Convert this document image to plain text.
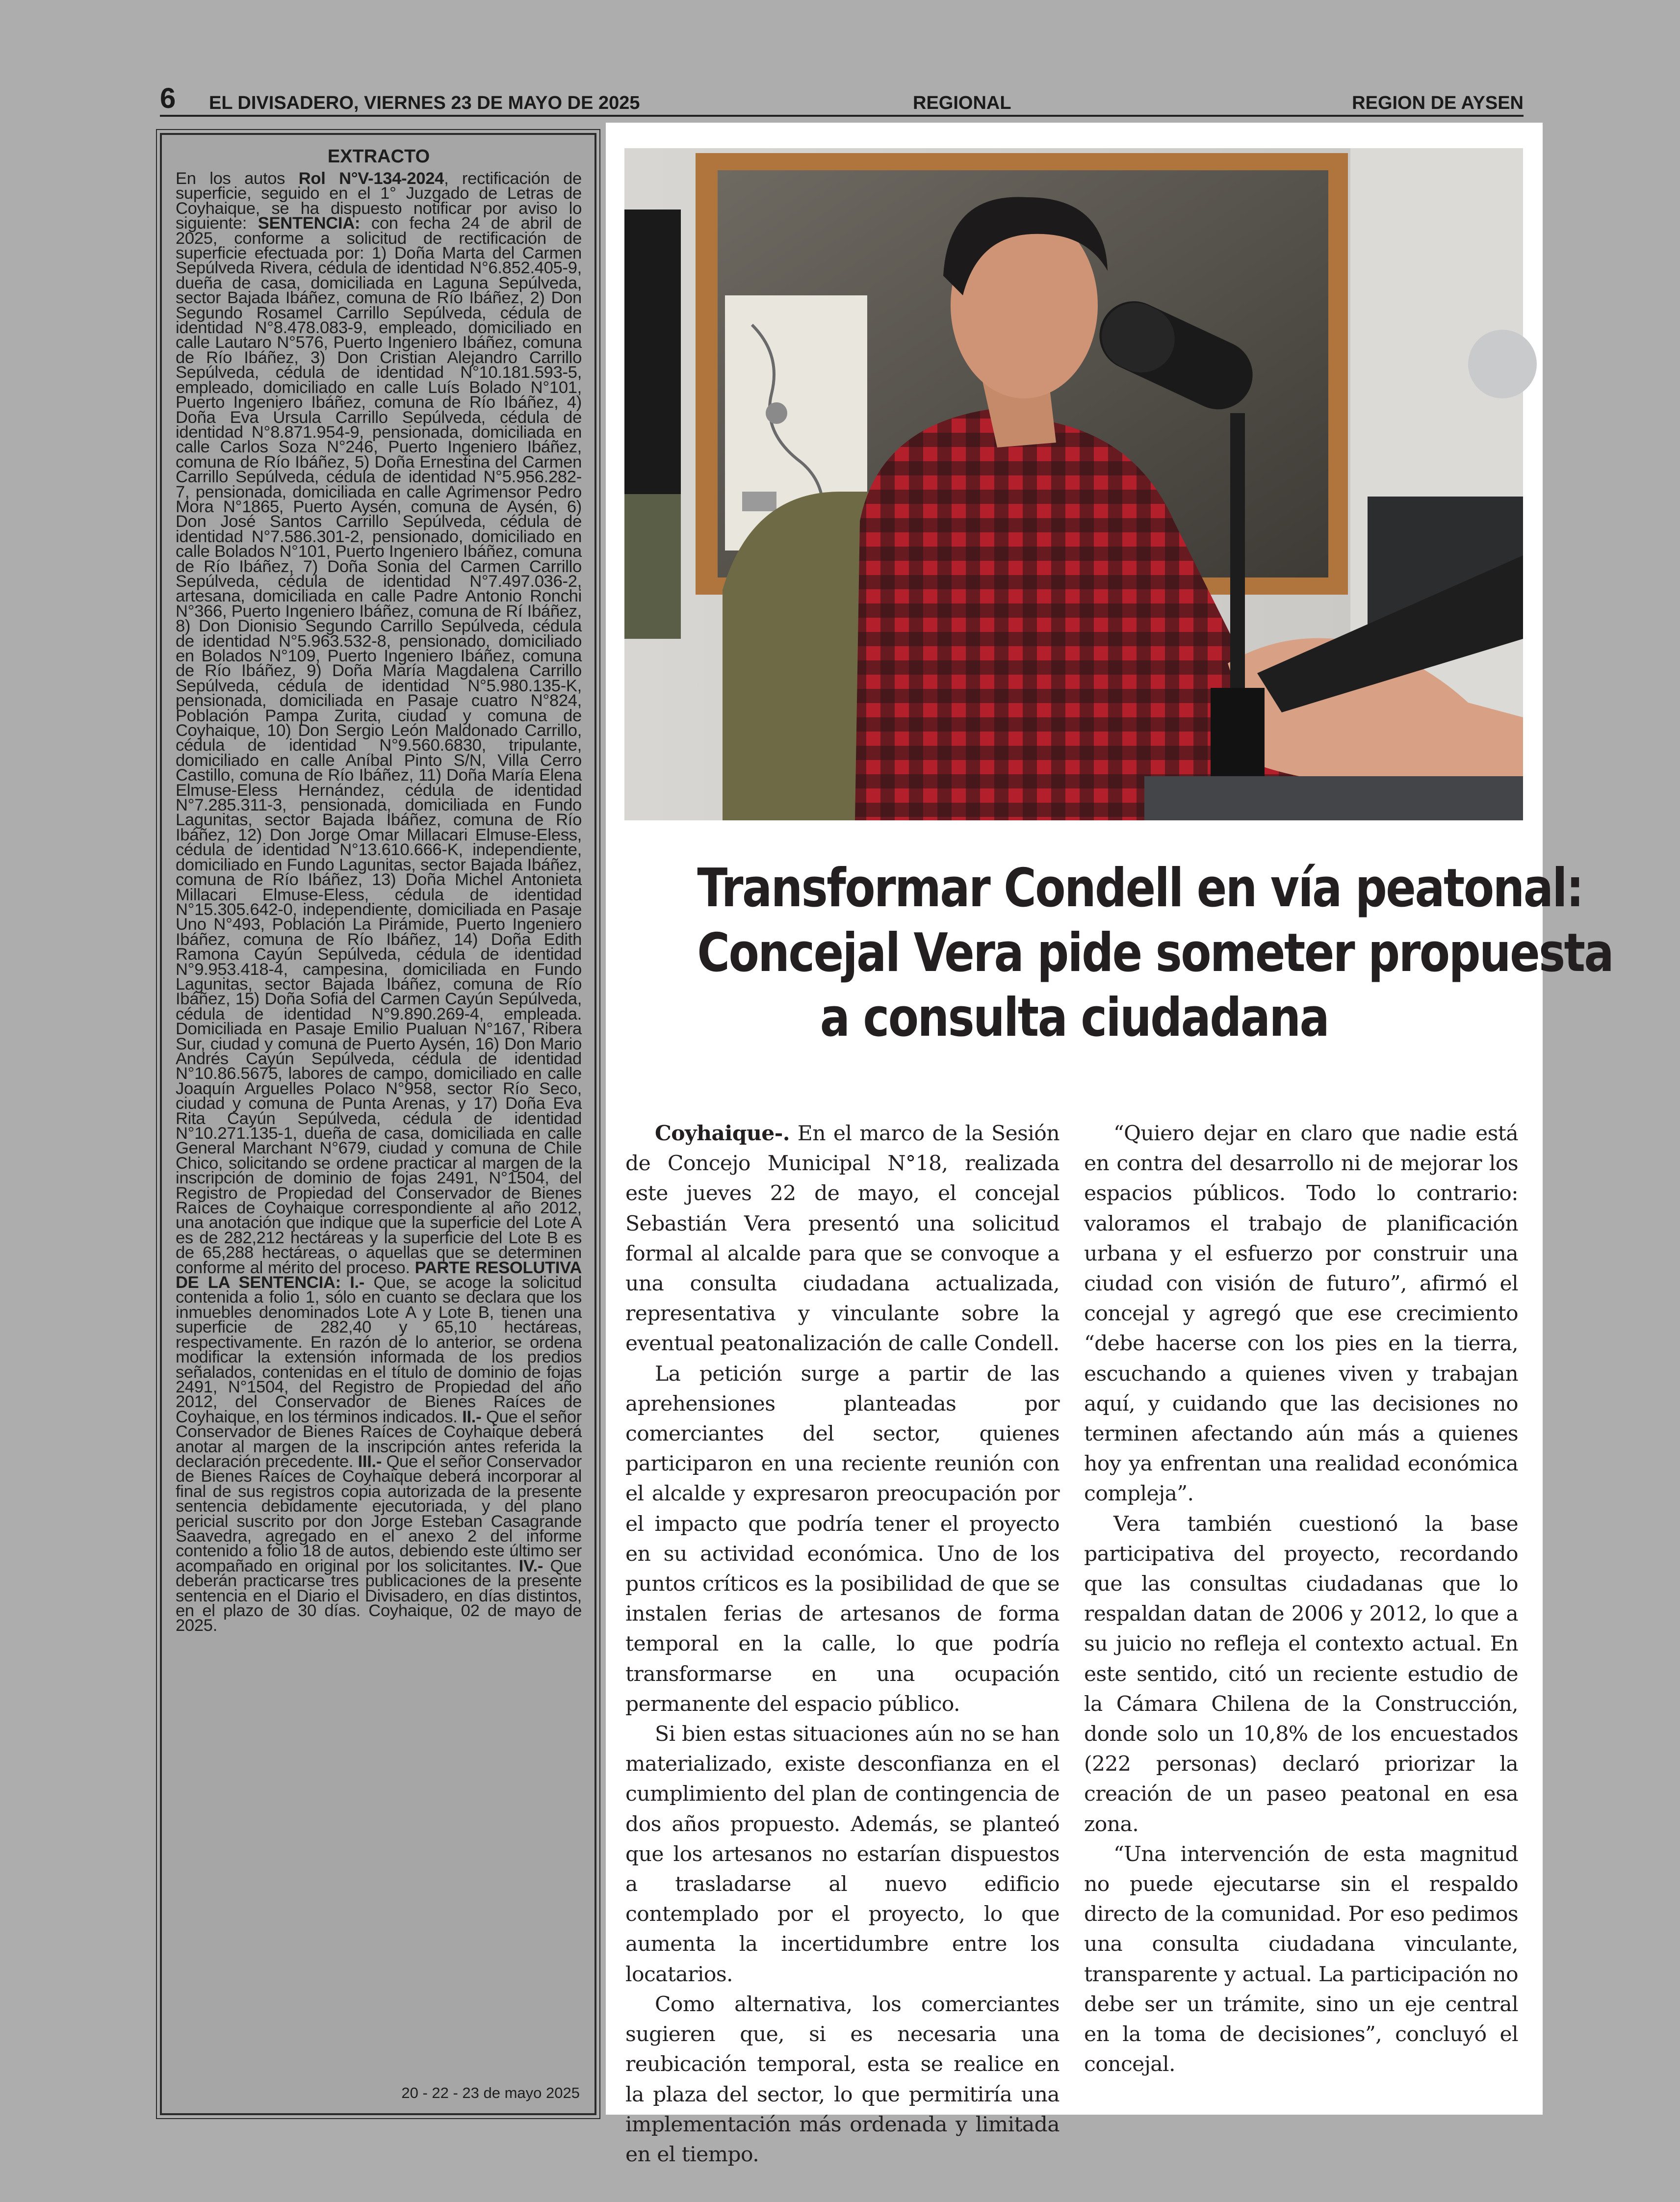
6 EL DIVISADERO, VIERNES 23 DE MAYO DE 2025	REGIONAL	REGION DE AYSEN
EXTRACTO

En los autos Rol N°V-134-2024, rectificación de superficie, seguido en el 1° Juzgado de Letras de Coyhaique, se ha dispuesto notificar por aviso lo siguiente: SENTENCIA: con fecha 24 de abril de 2025, conforme a solicitud de rectificación de superficie efectuada por: 1) Doña Marta del Carmen Sepúlveda Rivera, cédula de identidad N°6.852.405-9, dueña de casa, domiciliada en Laguna Sepúlveda, sector Bajada Ibáñez, comuna de Río Ibáñez, 2) Don Segundo Rosamel Carrillo Sepúlveda, cédula de identidad N°8.478.083-9, empleado, domiciliado en calle Lautaro N°576, Puerto Ingeniero Ibáñez, comuna de Río Ibáñez, 3) Don Cristian Alejandro Carrillo Sepúlveda, cédula de identidad N°10.181.593-5, empleado, domiciliado en calle Luís Bolado N°101, Puerto Ingeniero Ibáñez, comuna de Río Ibáñez, 4) Doña Eva Úrsula Carrillo Sepúlveda, cédula de identidad N°8.871.954-9, pensionada, domiciliada en calle Carlos Soza N°246, Puerto Ingeniero Ibáñez, comuna de Río Ibáñez, 5) Doña Ernestina del Carmen Carrillo Sepúlveda, cédula de identidad N°5.956.282-7, pensionada, domiciliada en calle Agrimensor Pedro Mora N°1865, Puerto Aysén, comuna de Aysén, 6) Don José Santos Carrillo Sepúlveda, cédula de identidad N°7.586.301-2, pensionado, domiciliado en calle Bolados N°101, Puerto Ingeniero Ibáñez, comuna de Río Ibáñez, 7) Doña Sonia del Carmen Carrillo Sepúlveda, cédula de identidad N°7.497.036-2, artesana, domiciliada en calle Padre Antonio Ronchi N°366, Puerto Ingeniero Ibáñez, comuna de Rí Ibáñez, 8) Don Dionisio Segundo Carrillo Sepúlveda, cédula de identidad N°5.963.532-8, pensionado, domiciliado en Bolados N°109, Puerto Ingeniero Ibáñez, comuna de Río Ibáñez, 9) Doña María Magdalena Carrillo Sepúlveda, cédula de identidad N°5.980.135-K, pensionada, domiciliada en Pasaje cuatro N°824, Población Pampa Zurita, ciudad y comuna de Coyhaique, 10) Don Sergio León Maldonado Carrillo, cédula de identidad N°9.560.6830, tripulante, domiciliado en calle Aníbal Pinto S/N, Villa Cerro Castillo, comuna de Río Ibáñez, 11) Doña María Elena Elmuse-Eless Hernández, cédula de identidad N°7.285.311-3, pensionada, domiciliada en Fundo Lagunitas, sector Bajada Ibáñez, comuna de Río Ibáñez, 12) Don Jorge Omar Millacari Elmuse-Eless, cédula de identidad N°13.610.666-K, independiente, domiciliado en Fundo Lagunitas, sector Bajada Ibáñez, comuna de Río Ibáñez, 13) Doña Michel Antonieta Millacari Elmuse-Eless, cédula de identidad N°15.305.642-0, independiente, domiciliada en Pasaje Uno N°493, Población La Pirámide, Puerto Ingeniero Ibáñez, comuna de Río Ibáñez, 14) Doña Edith Ramona Cayún Sepúlveda, cédula de identidad N°9.953.418-4, campesina, domiciliada en Fundo Lagunitas, sector Bajada Ibáñez, comuna de Río Ibáñez, 15) Doña Sofia del Carmen Cayún Sepúlveda, cédula de identidad N°9.890.269-4, empleada. Domiciliada en Pasaje Emilio Pualuan N°167, Ribera Sur, ciudad y comuna de Puerto Aysén, 16) Don Mario Andrés Cayún Sepúlveda, cédula de identidad N°10.86.5675, labores de campo, domiciliado en calle Joaquín Arguelles Polaco N°958, sector Río Seco, ciudad y comuna de Punta Arenas, y 17) Doña Eva Rita Cayún Sepúlveda, cédula de identidad N°10.271.135-1, dueña de casa, domiciliada en calle General Marchant N°679, ciudad y comuna de Chile Chico, solicitando se ordene practicar al margen de la inscripción de dominio de fojas 2491, N°1504, del Registro de Propiedad del Conservador de Bienes Raíces de Coyhaique correspondiente al año 2012, una anotación que indique que la superficie del Lote A es de 282,212 hectáreas y la superficie del Lote B es de 65,288 hectáreas, o aquellas que se determinen conforme al mérito del proceso. PARTE RESOLUTIVA DE LA SENTENCIA: I.- Que, se acoge la solicitud contenida a folio 1, sólo en cuanto se declara que los inmuebles denominados Lote A y Lote B, tienen una superficie de 282,40 y 65,10 hectáreas, respectivamente. En razón de lo anterior, se ordena modificar la extensión informada de los predios señalados, contenidas en el título de dominio de fojas 2491, N°1504, del Registro de Propiedad del año 2012, del Conservador de Bienes Raíces de Coyhaique, en los términos indicados. II.- Que el señor Conservador de Bienes Raíces de Coyhaique deberá anotar al margen de la inscripción antes referida la declaración precedente. III.- Que el señor Conservador de Bienes Raíces de Coyhaique deberá incorporar al final de sus registros copia autorizada de la presente sentencia debidamente ejecutoriada, y del plano pericial suscrito por don Jorge Esteban Casagrande Saavedra, agregado en el anexo 2 del informe contenido a folio 18 de autos, debiendo este último ser acompañado en original por los solicitantes. IV.- Que deberán practicarse tres publicaciones de la presente sentencia en el Diario el Divisadero, en días distintos, en el plazo de 30 días. Coyhaique, 02 de mayo de 2025.

20 - 22 - 23 de mayo 2025
Transformar Condell en vía peatonal:
Concejal Vera pide someter propuesta
a consulta ciudadana

Coyhaique-. En el marco de la Sesión de Concejo Municipal N°18, realizada este jueves 22 de mayo, el concejal Sebastián Vera presentó una solicitud formal al alcalde para que se convoque a una consulta ciudadana actualizada, representativa y vinculante sobre la eventual peatonalización de calle Condell.

La petición surge a partir de las aprehensiones planteadas por comerciantes del sector, quienes participaron en una reciente reunión con el alcalde y expresaron preocupación por el impacto que podría tener el proyecto en su actividad económica. Uno de los puntos críticos es la posibilidad de que se instalen ferias de artesanos de forma temporal en la calle, lo que podría transformarse en una ocupación permanente del espacio público.

Si bien estas situaciones aún no se han materializado, existe desconfianza en el cumplimiento del plan de contingencia de dos años propuesto. Además, se planteó que los artesanos no estarían dispuestos a trasladarse al nuevo edificio contemplado por el proyecto, lo que aumenta la incertidumbre entre los locatarios.

Como alternativa, los comerciantes sugieren que, si es necesaria una reubicación temporal, esta se realice en la plaza del sector, lo que permitiría una implementación más ordenada y limitada en el tiempo.

“Quiero dejar en claro que nadie está en contra del desarrollo ni de mejorar los espacios públicos. Todo lo contrario: valoramos el trabajo de planificación urbana y el esfuerzo por construir una ciudad con visión de futuro”, afirmó el concejal y agregó que ese crecimiento “debe hacerse con los pies en la tierra, escuchando a quienes viven y trabajan aquí, y cuidando que las decisiones no terminen afectando aún más a quienes hoy ya enfrentan una realidad económica compleja”.

Vera también cuestionó la base participativa del proyecto, recordando que las consultas ciudadanas que lo respaldan datan de 2006 y 2012, lo que a su juicio no refleja el contexto actual. En este sentido, citó un reciente estudio de la Cámara Chilena de la Construcción, donde solo un 10,8% de los encuestados (222 personas) declaró priorizar la creación de un paseo peatonal en esa zona.

“Una intervención de esta magnitud no puede ejecutarse sin el respaldo directo de la comunidad. Por eso pedimos una consulta ciudadana vinculante, transparente y actual. La participación no debe ser un trámite, sino un eje central en la toma de decisiones”, concluyó el concejal.
